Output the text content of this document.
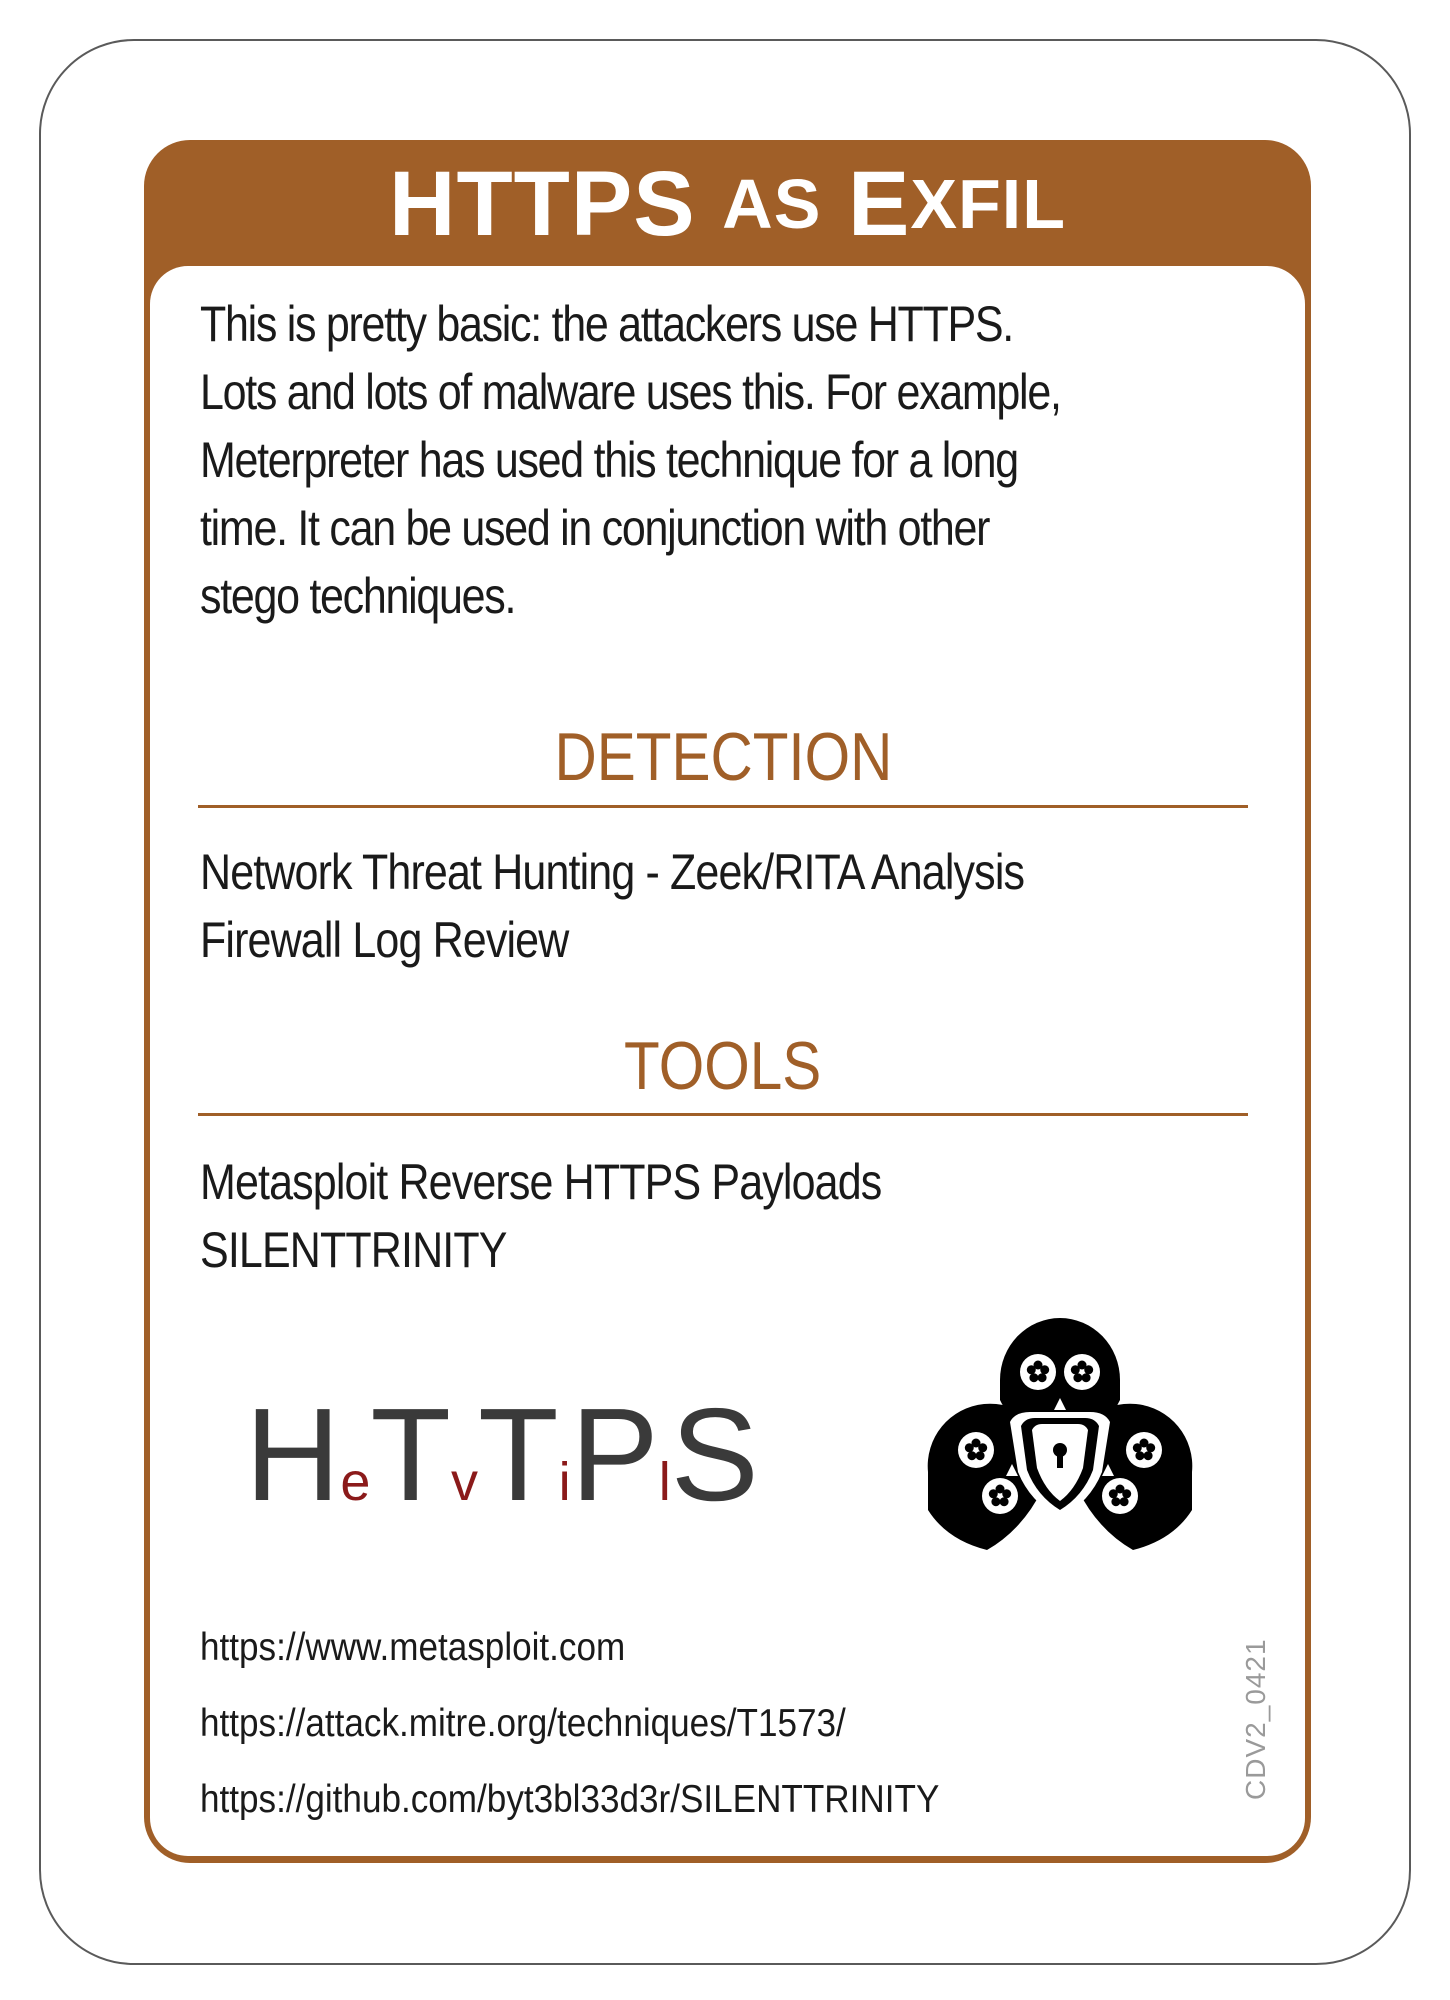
HTTPS
AS
E XFIL
This is pretty basic: the attackers use HTTPS.
Lots and lots of malware uses this. For example,
Meterpreter has used this technique for a long
time. It can be used in conjunction with other
stego techniques.
DETECTION
Network Threat Hunting - Zeek/RITA Analysis
Firewall Log Review
TOOLS
Metasploit Reverse HTTPS Payloads
SILENTTRINITY
HeTvTiPlS
https://www.metasploit.com
https://attack.mitre.org/techniques/T1573/
https://github.com/byt3bl33d3r/SILENTTRINITY	CDV2_0421
